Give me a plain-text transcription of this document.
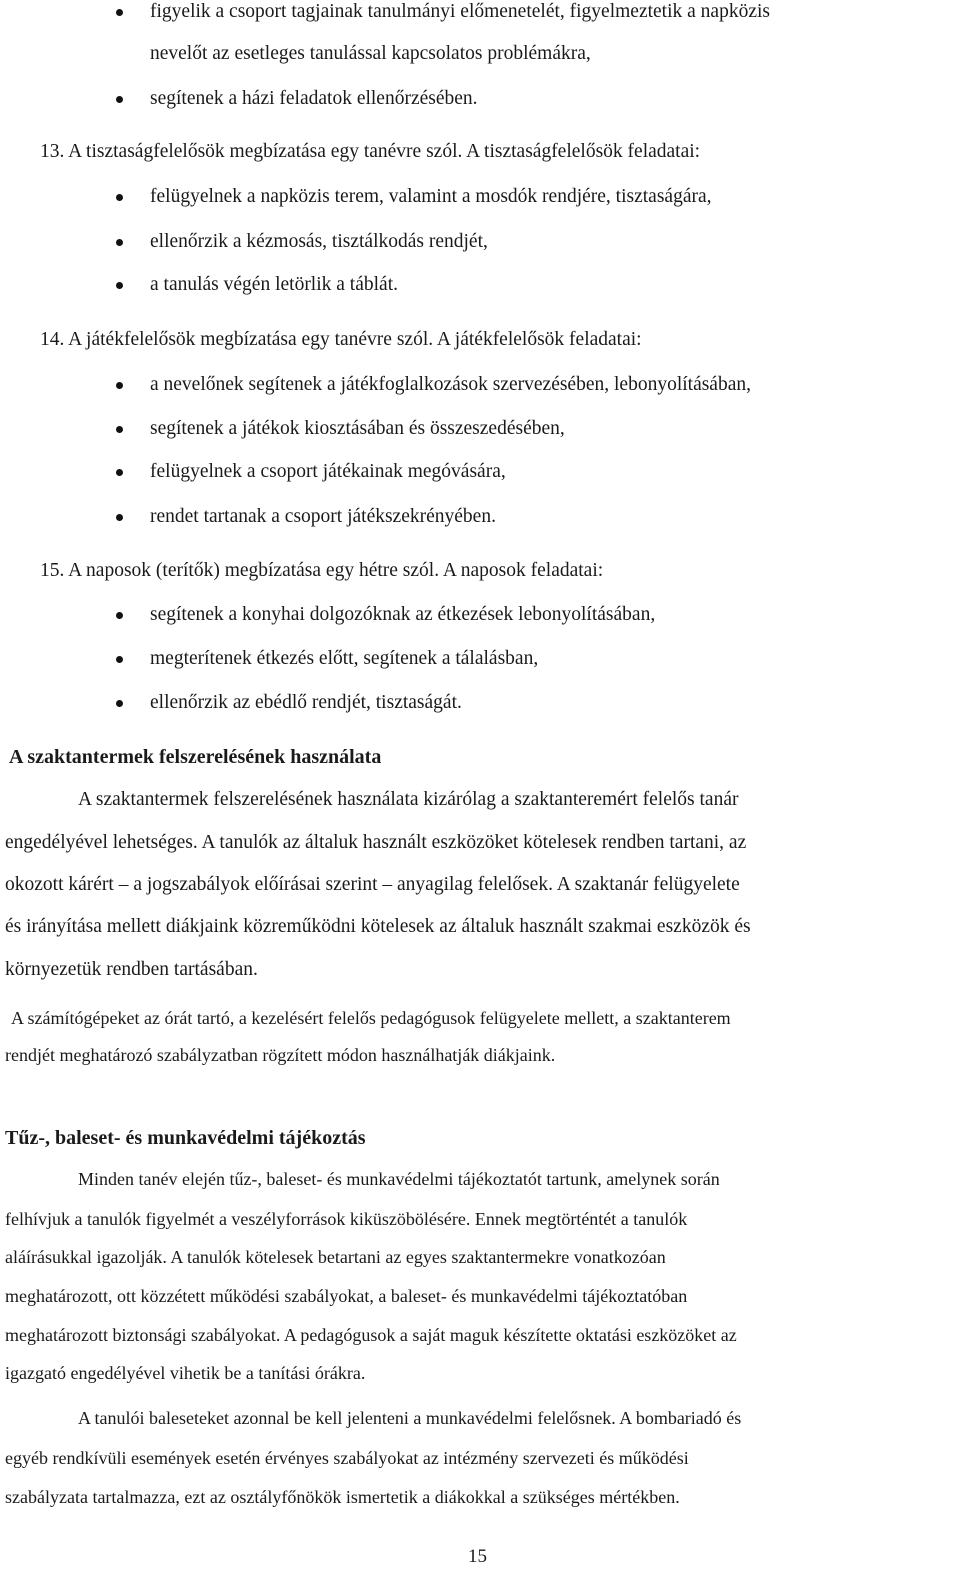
figyelik a csoport tagjainak tanulmányi előmenetelét, figyelmeztetik a napközis
nevelőt az esetleges tanulással kapcsolatos problémákra,
segítenek a házi feladatok ellenőrzésében.
13. A tisztaságfelelősök megbízatása egy tanévre szól. A tisztaságfelelősök feladatai:
felügyelnek a napközis terem, valamint a mosdók rendjére, tisztaságára,
ellenőrzik a kézmosás, tisztálkodás rendjét,
a tanulás végén letörlik a táblát.
14. A játékfelelősök megbízatása egy tanévre szól. A játékfelelősök feladatai:
a nevelőnek segítenek a játékfoglalkozások szervezésében, lebonyolításában,
segítenek a játékok kiosztásában és összeszedésében,
felügyelnek a csoport játékainak megóvására,
rendet tartanak a csoport játékszekrényében.
15. A naposok (terítők) megbízatása egy hétre szól. A naposok feladatai:
segítenek a konyhai dolgozóknak az étkezések lebonyolításában,
megterítenek étkezés előtt, segítenek a tálalásban,
ellenőrzik az ebédlő rendjét, tisztaságát.
A szaktantermek felszerelésének használata
A szaktantermek felszerelésének használata kizárólag a szaktanteremért felelős tanár
engedélyével lehetséges. A tanulók az általuk használt eszközöket kötelesek rendben tartani, az
okozott kárért – a jogszabályok előírásai szerint – anyagilag felelősek. A szaktanár felügyelete
és irányítása mellett diákjaink közreműködni kötelesek az általuk használt szakmai eszközök és
környezetük rendben tartásában.
A számítógépeket az órát tartó, a kezelésért felelős pedagógusok felügyelete mellett, a szaktanterem
rendjét meghatározó szabályzatban rögzített módon használhatják diákjaink.
Tűz-, baleset- és munkavédelmi tájékoztás
Minden tanév elején tűz-, baleset- és munkavédelmi tájékoztatót tartunk, amelynek során
felhívjuk a tanulók figyelmét a veszélyforrások kiküszöbölésére. Ennek megtörténtét a tanulók
aláírásukkal igazolják. A tanulók kötelesek betartani az egyes szaktantermekre vonatkozóan
meghatározott, ott közzétett működési szabályokat, a baleset- és munkavédelmi tájékoztatóban
meghatározott biztonsági szabályokat. A pedagógusok a saját maguk készítette oktatási eszközöket az
igazgató engedélyével vihetik be a tanítási órákra.
A tanulói baleseteket azonnal be kell jelenteni a munkavédelmi felelősnek. A bombariadó és
egyéb rendkívüli események esetén érvényes szabályokat az intézmény szervezeti és működési
szabályzata tartalmazza, ezt az osztályfőnökök ismertetik a diákokkal a szükséges mértékben.
15
